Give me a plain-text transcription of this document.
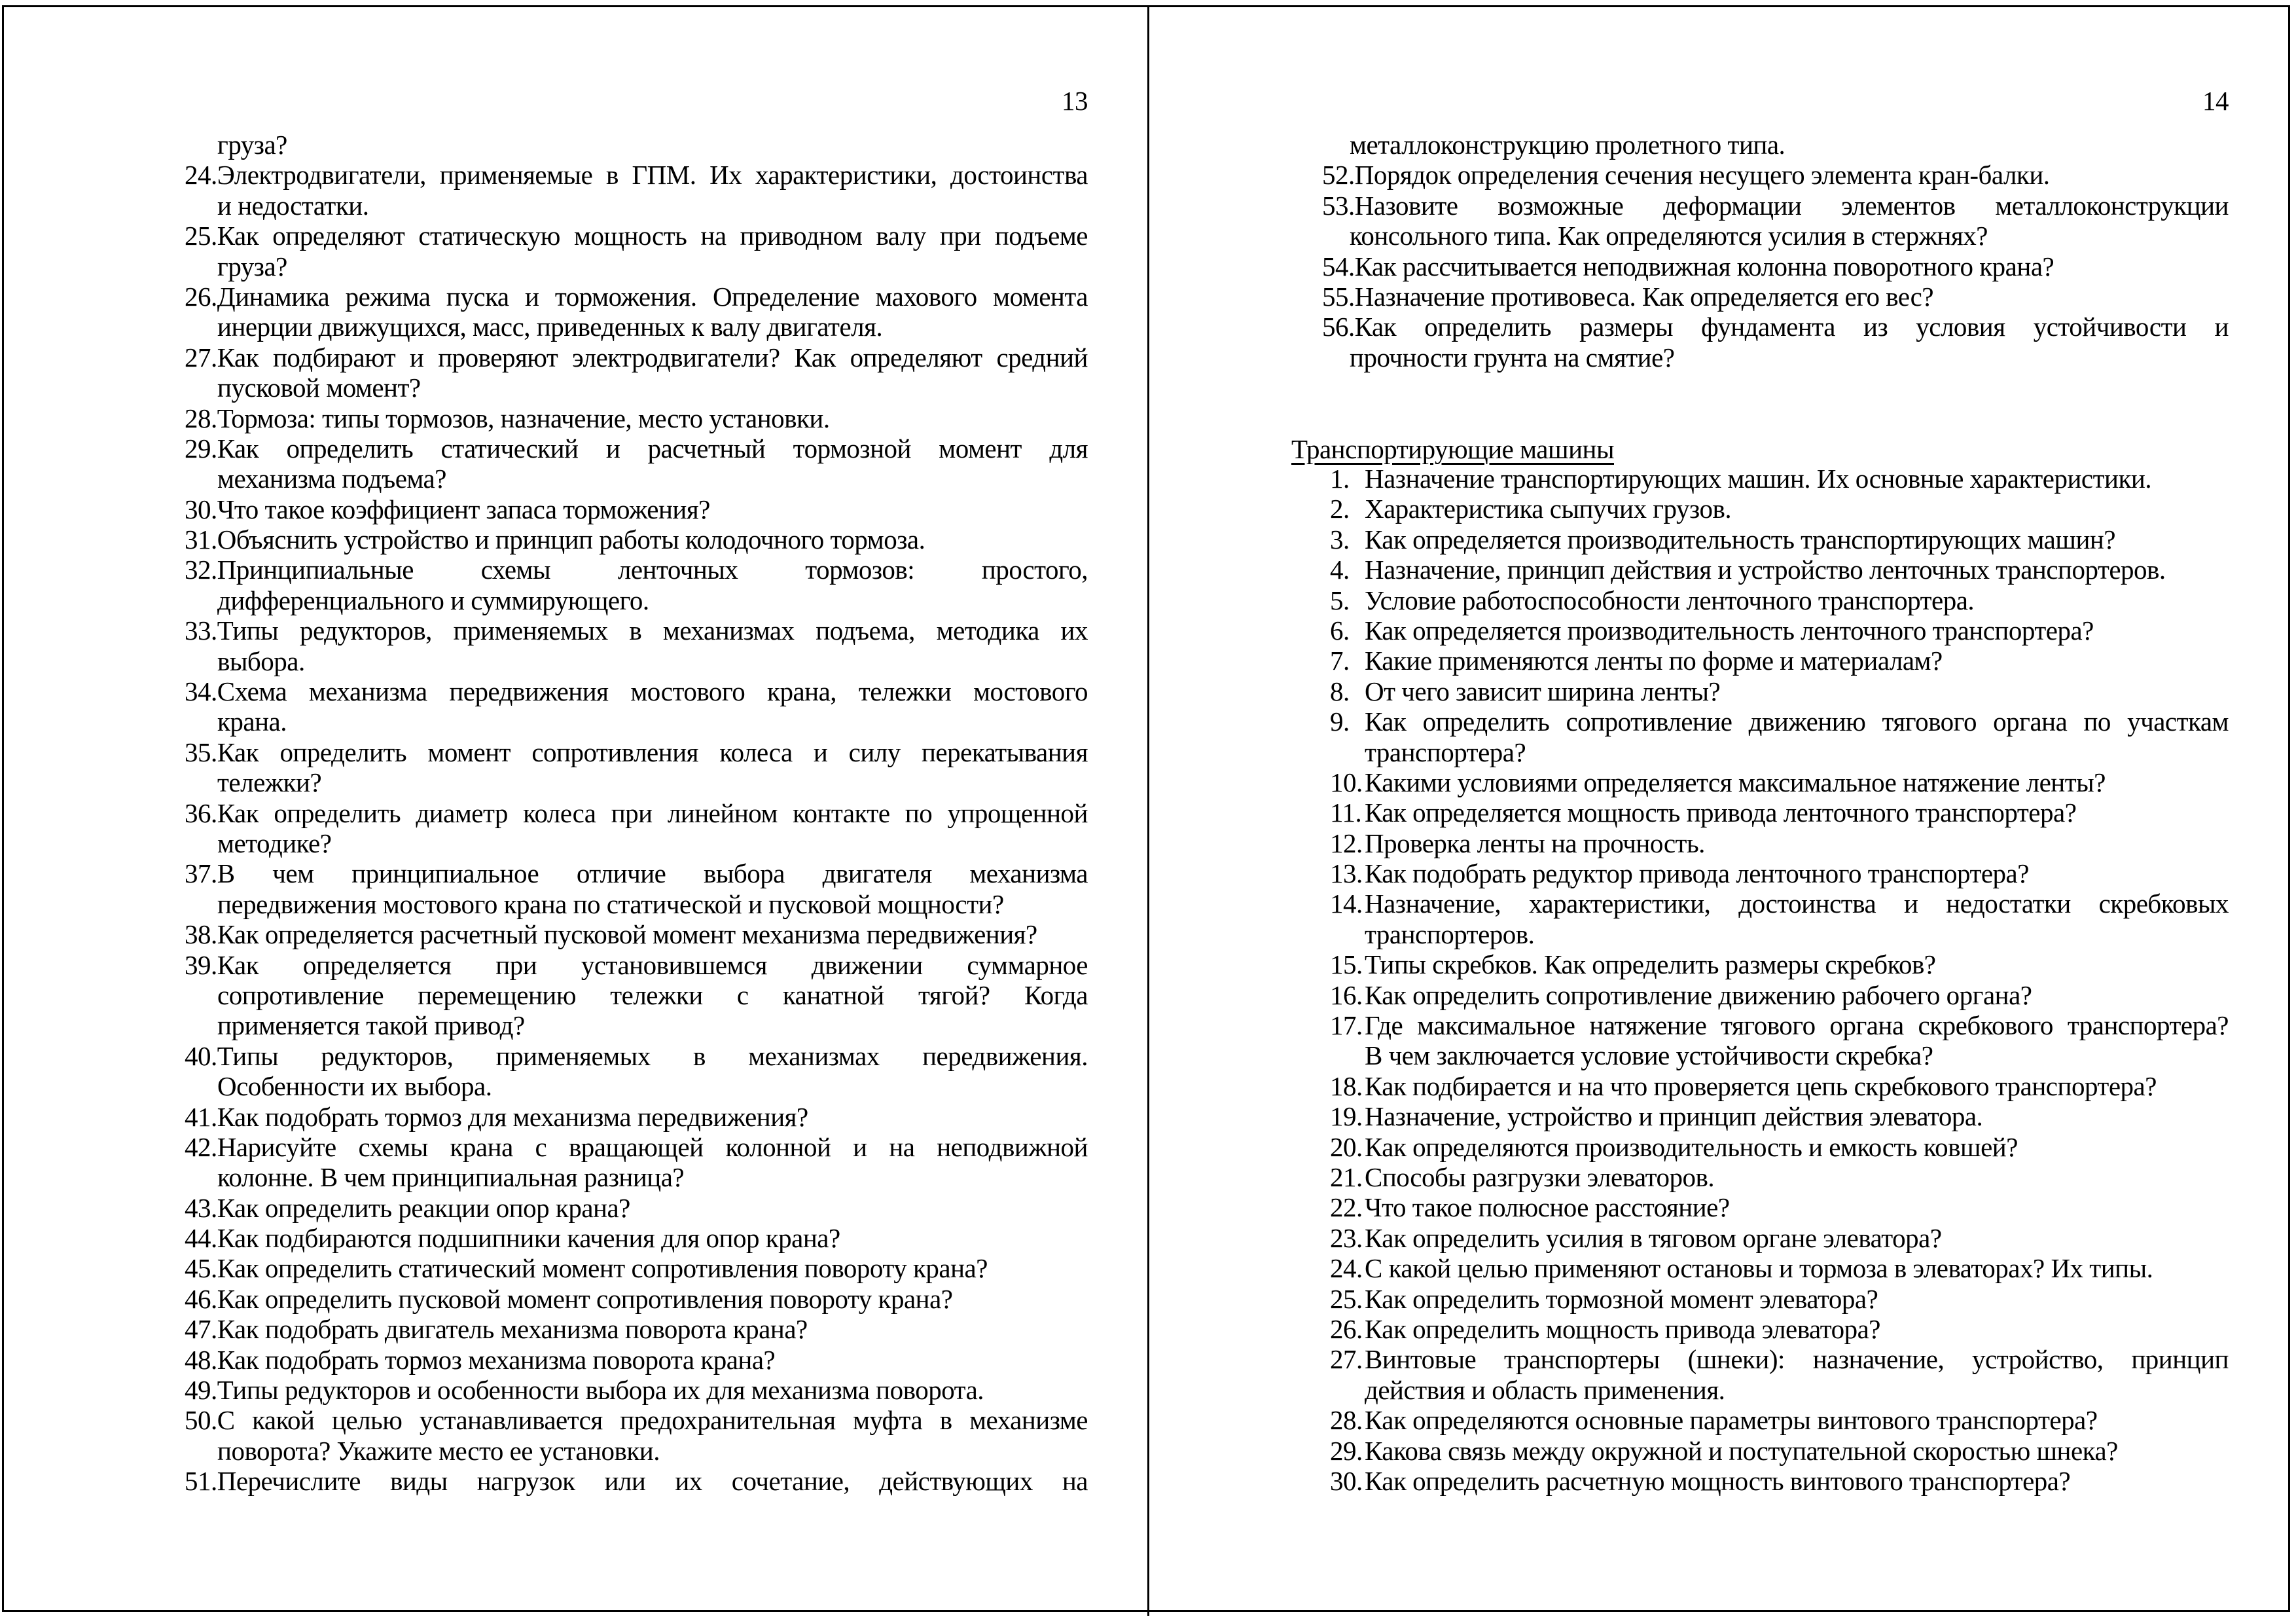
13	14
груза?
24.Электродвигатели, применяемые в ГПМ. Их характеристики, достоинства
и недостатки.
25.Как определяют статическую мощность на приводном валу при подъеме
груза?
26.Динамика режима пуска и торможения. Определение махового момента
инерции движущихся, масс, приведенных к валу двигателя.
27.Как подбирают и проверяют электродвигатели? Как определяют средний
пусковой момент?
28.Тормоза: типы тормозов, назначение, место установки.
29.Как определить статический и расчетный тормозной момент для
механизма подъема?
30.Что такое коэффициент запаса торможения?
31.Объяснить устройство и принцип работы колодочного тормоза.
32.Принципиальные схемы ленточных тормозов: простого,
дифференциального и суммирующего.
33.Типы редукторов, применяемых в механизмах подъема, методика их
выбора.
34.Схема механизма передвижения мостового крана, тележки мостового
крана.
35.Как определить момент сопротивления колеса и силу перекатывания
тележки?
36.Как определить диаметр колеса при линейном контакте по упрощенной
методике?
37.В чем принципиальное отличие выбора двигателя механизма
передвижения мостового крана по статической и пусковой мощности?
38.Как определяется расчетный пусковой момент механизма передвижения?
39.Как определяется при установившемся движении суммарное
сопротивление перемещению тележки с канатной тягой? Когда
применяется такой привод?
40.Типы редукторов, применяемых в механизмах передвижения.
Особенности их выбора.
41.Как подобрать тормоз для механизма передвижения?
42.Нарисуйте схемы крана с вращающей колонной и на неподвижной
колонне. В чем принципиальная разница?
43.Как определить реакции опор крана?
44.Как подбираются подшипники качения для опор крана?
45.Как определить статический момент сопротивления повороту крана?
46.Как определить пусковой момент сопротивления повороту крана?
47.Как подобрать двигатель механизма поворота крана?
48.Как подобрать тормоз механизма поворота крана?
49.Типы редукторов и особенности выбора их для механизма поворота.
50.С какой целью устанавливается предохранительная муфта в механизме
поворота? Укажите место ее установки.
51.Перечислите виды нагрузок или их сочетание, действующих на
металлоконструкцию пролетного типа.
52.Порядок определения сечения несущего элемента кран-балки.
53.Назовите возможные деформации элементов металлоконструкции
консольного типа. Как определяются усилия в стержнях?
54.Как рассчитывается неподвижная колонна поворотного крана?
55.Назначение противовеса. Как определяется его вес?
56.Как определить размеры фундамента из условия устойчивости и
прочности грунта на смятие?
Транспортирующие машины
1. Назначение транспортирующих машин. Их основные характеристики.
2. Характеристика сыпучих грузов.
3. Как определяется производительность транспортирующих машин?
4. Назначение, принцип действия и устройство ленточных транспортеров.
5. Условие работоспособности ленточного транспортера.
6. Как определяется производительность ленточного транспортера?
7. Какие применяются ленты по форме и материалам?
8. От чего зависит ширина ленты?
9. Как определить сопротивление движению тягового органа по участкам
транспортера?
10. Какими условиями определяется максимальное натяжение ленты?
11. Как определяется мощность привода ленточного транспортера?
12. Проверка ленты на прочность.
13. Как подобрать редуктор привода ленточного транспортера?
14. Назначение, характеристики, достоинства и недостатки скребковых
транспортеров.
15. Типы скребков. Как определить размеры скребков?
16. Как определить сопротивление движению рабочего органа?
17. Где максимальное натяжение тягового органа скребкового транспортера?
В чем заключается условие устойчивости скребка?
18. Как подбирается и на что проверяется цепь скребкового транспортера?
19. Назначение, устройство и принцип действия элеватора.
20. Как определяются производительность и емкость ковшей?
21. Способы разгрузки элеваторов.
22. Что такое полюсное расстояние?
23. Как определить усилия в тяговом органе элеватора?
24. С какой целью применяют остановы и тормоза в элеваторах? Их типы.
25. Как определить тормозной момент элеватора?
26. Как определить мощность привода элеватора?
27. Винтовые транспортеры (шнеки): назначение, устройство, принцип
действия и область применения.
28. Как определяются основные параметры винтового транспортера?
29. Какова связь между окружной и поступательной скоростью шнека?
30. Как определить расчетную мощность винтового транспортера?
